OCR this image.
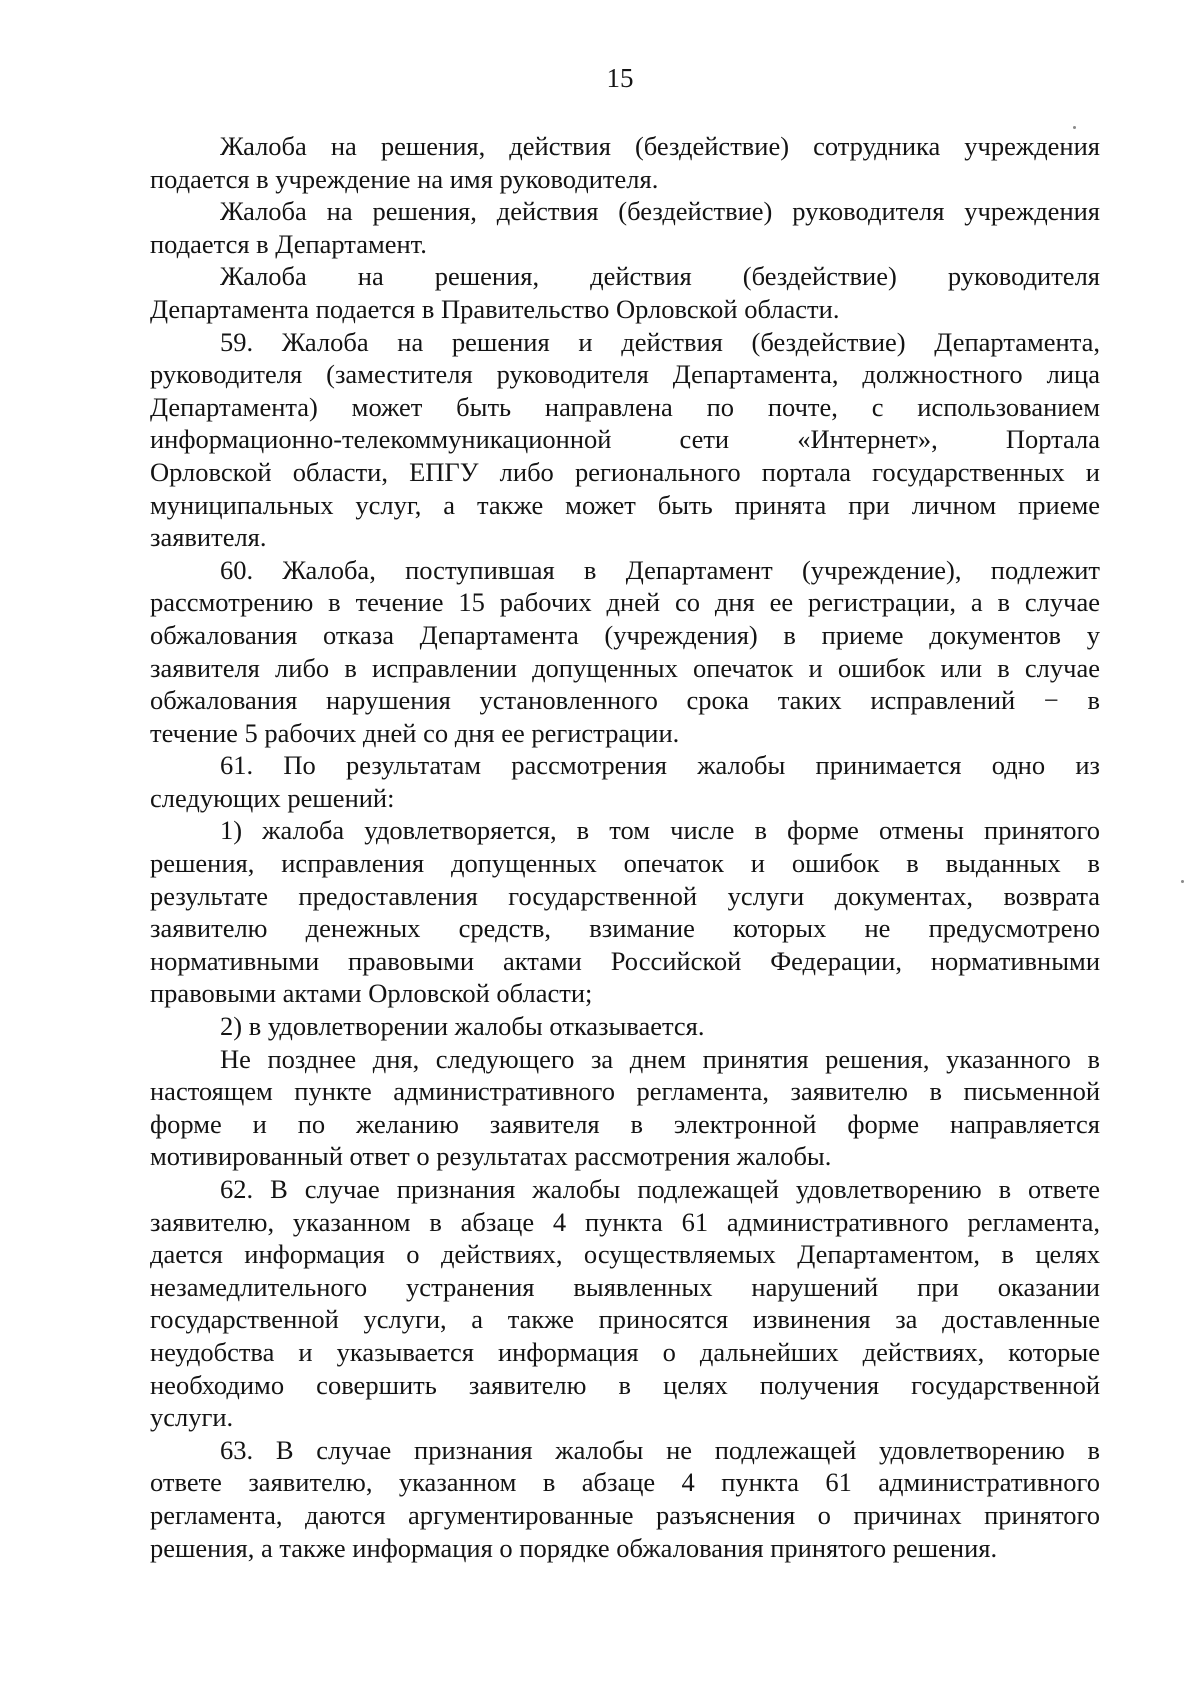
15
Жалоба на решения, действия (бездействие) сотрудника учреждения
подается в учреждение на имя руководителя.
Жалоба на решения, действия (бездействие) руководителя учреждения
подается в Департамент.
Жалоба на решения, действия (бездействие) руководителя
Департамента подается в Правительство Орловской области.
59. Жалоба на решения и действия (бездействие) Департамента,
руководителя (заместителя руководителя Департамента, должностного лица
Департамента) может быть направлена по почте, с использованием
информационно-телекоммуникационной сети «Интернет», Портала
Орловской области, ЕПГУ либо регионального портала государственных и
муниципальных услуг, а также может быть принята при личном приеме
заявителя.
60. Жалоба, поступившая в Департамент (учреждение), подлежит
рассмотрению в течение 15 рабочих дней со дня ее регистрации, а в случае
обжалования отказа Департамента (учреждения) в приеме документов у
заявителя либо в исправлении допущенных опечаток и ошибок или в случае
обжалования нарушения установленного срока таких исправлений − в
течение 5 рабочих дней со дня ее регистрации.
61. По результатам рассмотрения жалобы принимается одно из
следующих решений:
1) жалоба удовлетворяется, в том числе в форме отмены принятого
решения, исправления допущенных опечаток и ошибок в выданных в
результате предоставления государственной услуги документах, возврата
заявителю денежных средств, взимание которых не предусмотрено
нормативными правовыми актами Российской Федерации, нормативными
правовыми актами Орловской области;
2) в удовлетворении жалобы отказывается.
Не позднее дня, следующего за днем принятия решения, указанного в
настоящем пункте административного регламента, заявителю в письменной
форме и по желанию заявителя в электронной форме направляется
мотивированный ответ о результатах рассмотрения жалобы.
62. В случае признания жалобы подлежащей удовлетворению в ответе
заявителю, указанном в абзаце 4 пункта 61 административного регламента,
дается информация о действиях, осуществляемых Департаментом, в целях
незамедлительного устранения выявленных нарушений при оказании
государственной услуги, а также приносятся извинения за доставленные
неудобства и указывается информация о дальнейших действиях, которые
необходимо совершить заявителю в целях получения государственной
услуги.
63. В случае признания жалобы не подлежащей удовлетворению в
ответе заявителю, указанном в абзаце 4 пункта 61 административного
регламента, даются аргументированные разъяснения о причинах принятого
решения, а также информация о порядке обжалования принятого решения.
